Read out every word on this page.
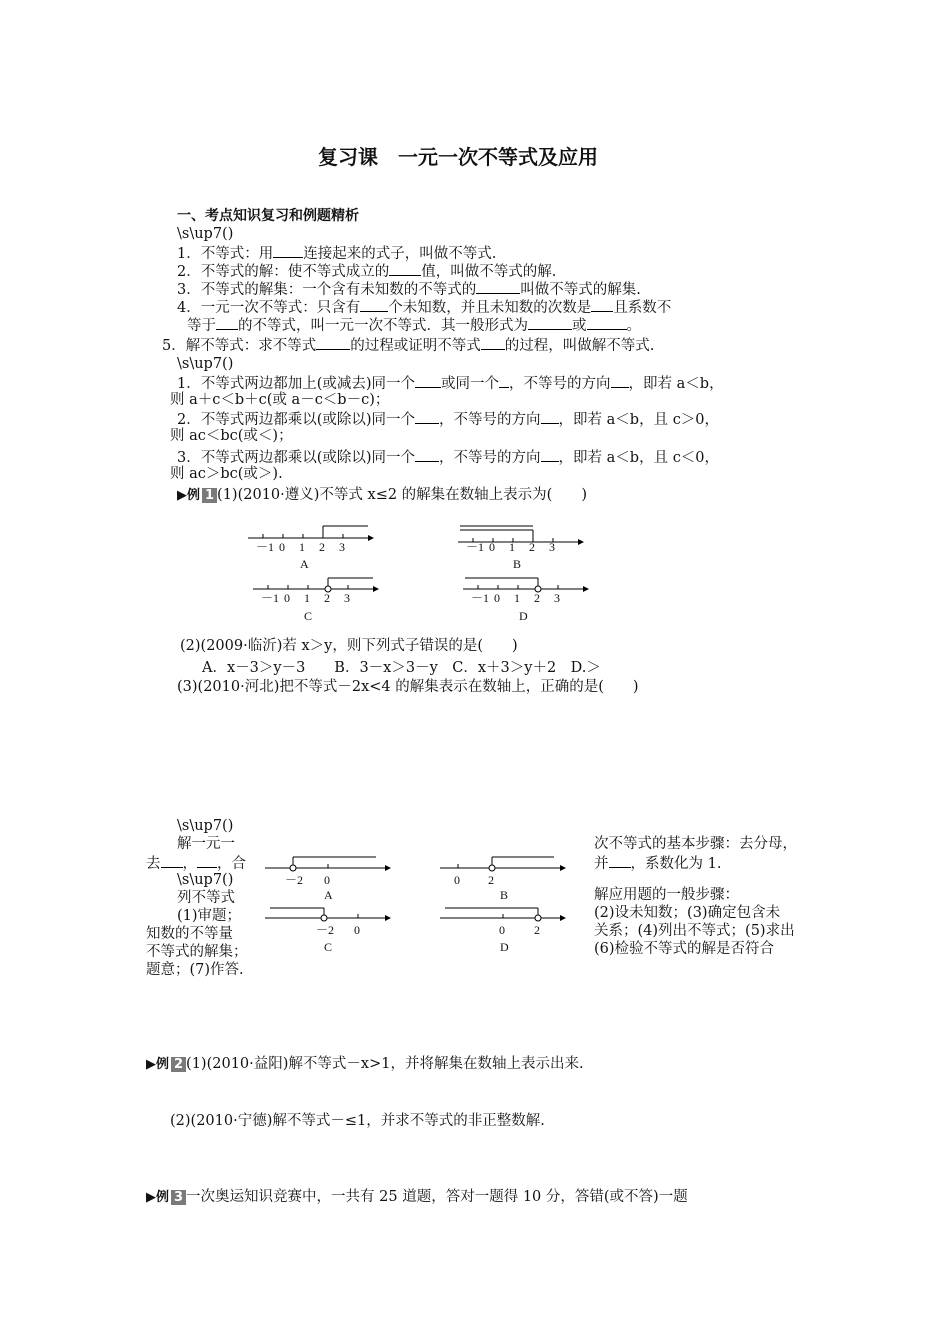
复习课　一元一次不等式及应用
一、考点知识复习和例题精析
\s\up7()
1．不等式：用 连接起来的式子，叫做不等式.
2．不等式的解：使不等式成立的 值，叫做不等式的解.
3．不等式的解集：一个含有未知数的不等式的	叫做不等式的解集.
4．一元一次不等式：只含有 个未知数，并且未知数的次数是 且系数不
等于 的不等式，叫一元一次不等式．其一般形式为	或	。
5．解不等式：求不等式 的过程或证明不等式 的过程，叫做解不等式.
\s\up7()
1．不等式两边都加上(或减去)同一个 或同一个 ，不等号的方向 ，即若 a＜b，
则 a＋c＜b＋c(或 a－c＜b－c)；
2．不等式两边都乘以(或除以)同一个 ，不等号的方向 ，即若 a＜b，且 c＞0，
则 ac＜bc(或＜)；
3．不等式两边都乘以(或除以)同一个 ，不等号的方向 ，即若 a＜b，且 c＜0，
则 ac＞bc(或＞).
▶例 1 (1)(2010·遵义)不等式 x≤2 的解集在数轴上表示为(　　)
－1 0 1 2 3
A
－1 0 1 2 3
B
－1 0 1 2 3
C
－1 0 1 2 3
D
(2)(2009·临沂)若 x＞y，则下列式子错误的是(　　)
A．x－3＞y－3　　B．3－x＞3－y　C．x＋3＞y＋2　D.＞
(3)(2010·河北)把不等式－2x<4 的解集表示在数轴上，正确的是(　　)
\s\up7()
解一元一
去 ， ，合
\s\up7()
列不等式
(1)审题；
知数的不等量
不等式的解集；
题意；(7)作答.
－2 0
A
0 2
B
－2 0
C
0 2
D
次不等式的基本步骤：去分母，
并 ，系数化为 1.
解应用题的一般步骤：
(2)设未知数；(3)确定包含未
关系；(4)列出不等式；(5)求出
(6)检验不等式的解是否符合
▶例 2 (1)(2010·益阳)解不等式－x>1，并将解集在数轴上表示出来.
(2)(2010·宁德)解不等式－≤1，并求不等式的非正整数解.
▶例 3 一次奥运知识竞赛中，一共有 25 道题，答对一题得 10 分，答错(或不答)一题
